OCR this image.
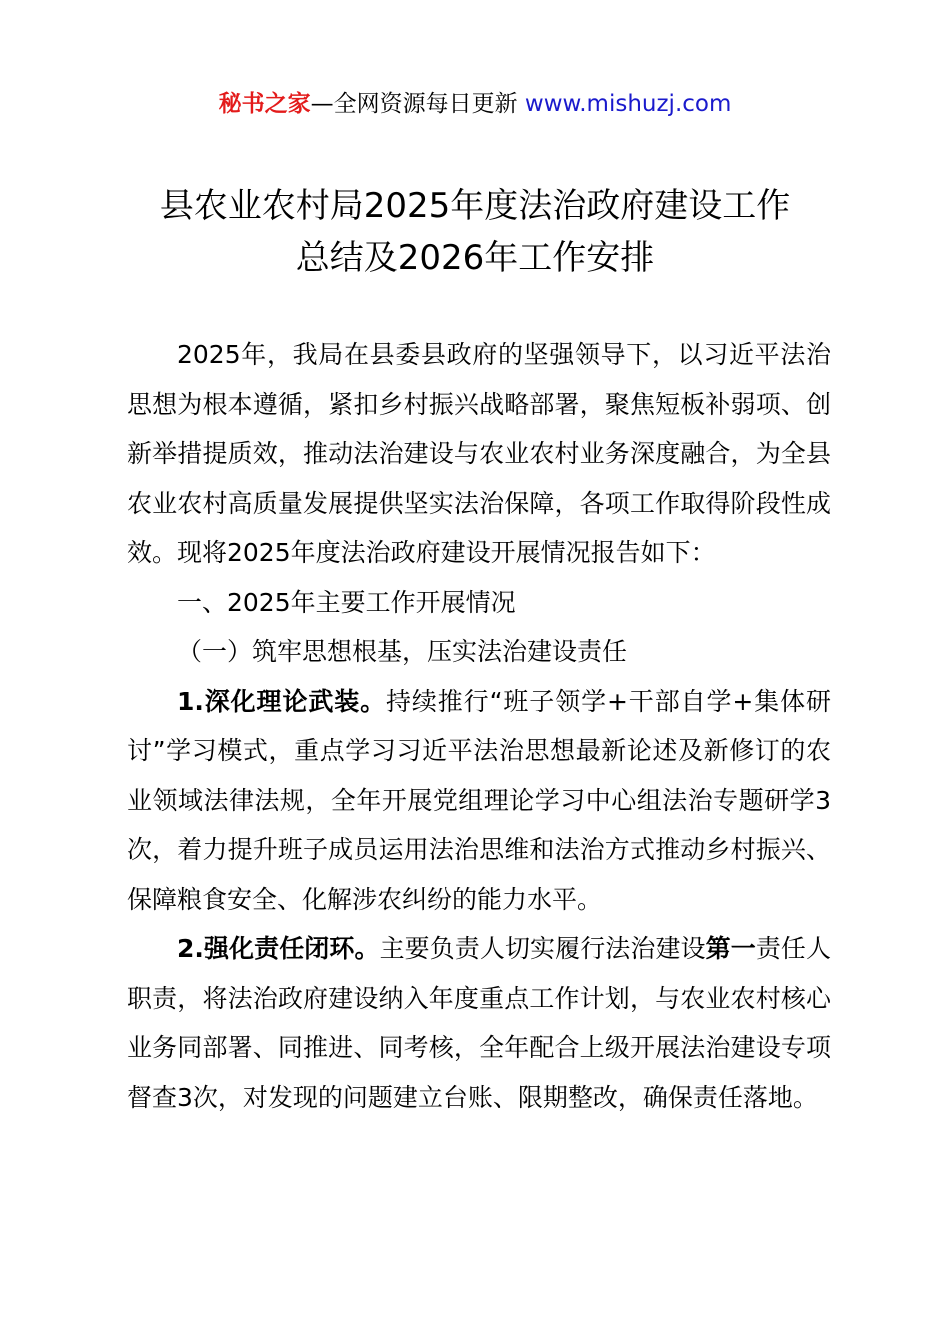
秘书之家—全网资源每日更新 www.mishuzj.com
县农业农村局2025年度法治政府建设工作
总结及2026年工作安排

2025年，我局在县委县政府的坚强领导下，以习近平法治思想为根本遵循，紧扣乡村振兴战略部署，聚焦短板补弱项、创新举措提质效，推动法治建设与农业农村业务深度融合，为全县农业农村高质量发展提供坚实法治保障，各项工作取得阶段性成效。现将2025年度法治政府建设开展情况报告如下：

一、2025年主要工作开展情况

（一）筑牢思想根基，压实法治建设责任

1.深化理论武装。持续推行“班子领学+干部自学+集体研讨”学习模式，重点学习习近平法治思想最新论述及新修订的农业领域法律法规，全年开展党组理论学习中心组法治专题研学3次，着力提升班子成员运用法治思维和法治方式推动乡村振兴、保障粮食安全、化解涉农纠纷的能力水平。

2.强化责任闭环。主要负责人切实履行法治建设第一责任人职责，将法治政府建设纳入年度重点工作计划，与农业农村核心业务同部署、同推进、同考核，全年配合上级开展法治建设专项督查3次，对发现的问题建立台账、限期整改，确保责任落地。
